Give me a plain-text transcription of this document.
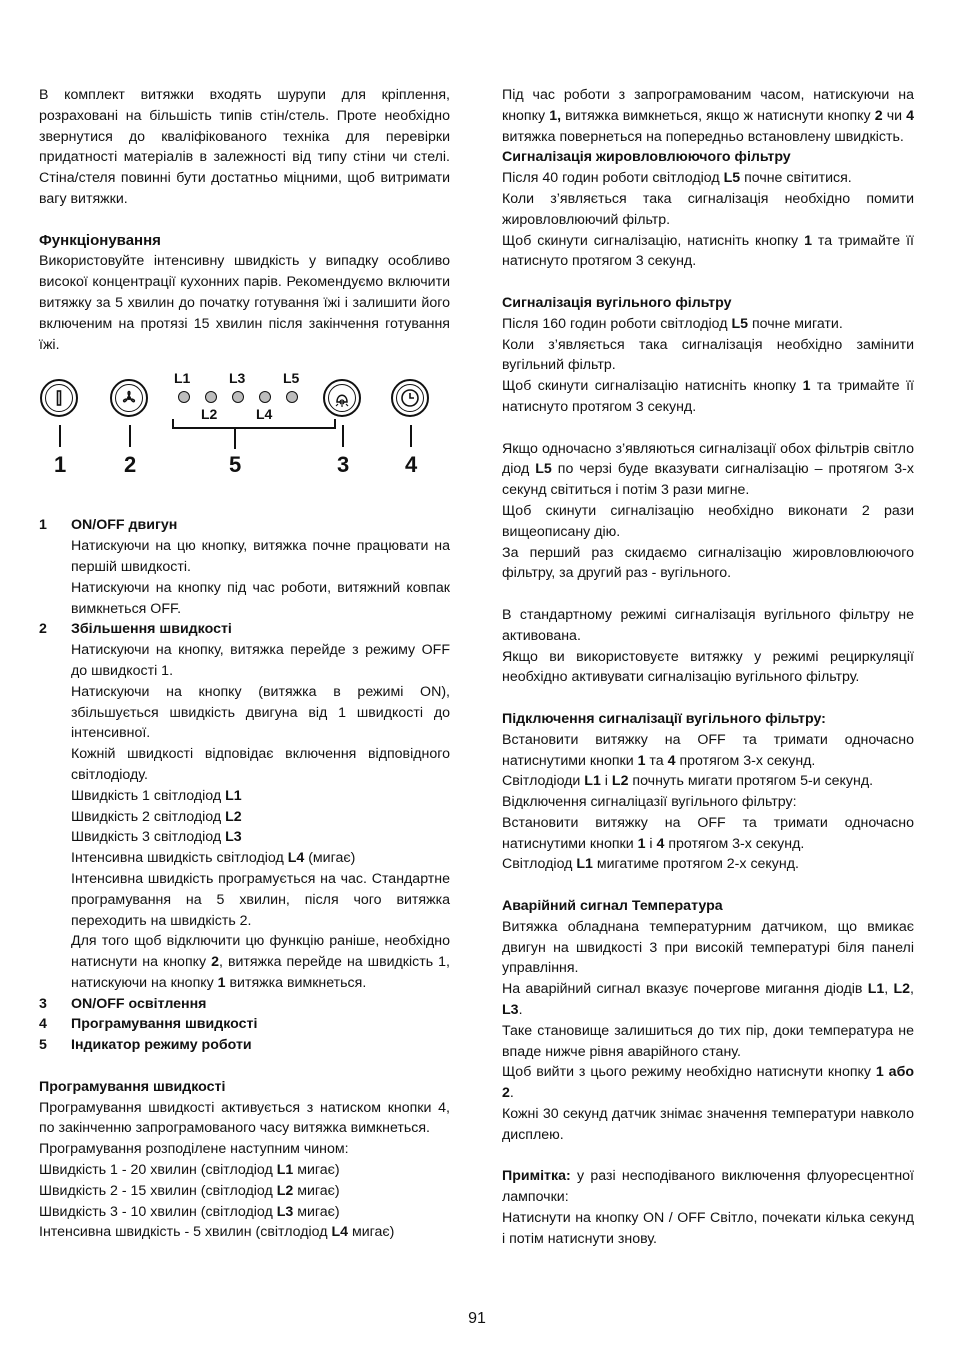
В комплект витяжки входять шурупи для кріплення, розраховані на більшість типів стін/стель. Проте необхідно звернутися до кваліфікованого техніка для перевірки придатності матеріалів в залежності від типу стіни чи стелі. Стіна/стеля повинні бути достатньо міцними, щоб витримати вагу витяжки.

Функціонування

Використовуйте інтенсивну швидкість у випадку особливо високої концентрації кухонних парів. Рекомендуємо включити витяжку за 5 хвилин до початку готування їжі і залишити його включеним на протязі 15 хвилин після закінчення готування їжі.

L1	L3	L5
L2	L4
1	2	5	3	4
1	ON/OFF двигун

Натискуючи на цю кнопку, витяжка почне працювати на першій швидкості.

Натискуючи на кнопку під час роботи, витяжний ковпак вимкнеться OFF.

2	Збільшення швидкості

Натискуючи на кнопку, витяжка перейде з режиму OFF до швидкості 1.

Натискуючи на кнопку (витяжка в режимі ON), збільшується швидкість двигуна від 1 швидкості до інтенсивної.

Кожній швидкості відповідає включення відповідного світлодіоду.

Швидкість 1 світлодіод L1

Швидкість 2 світлодіод L2

Швидкість 3 світлодіод L3

Інтенсивна швидкість світлодіод L4 (мигає)

Інтенсивна швидкість програмується на час. Стандартне програмування на 5 хвилин, після чого витяжка переходить на швидкість 2.

Для того щоб відключити цю функцію раніше, необхідно натиснути на кнопку 2, витяжка перейде на швидкість 1, натискуючи на кнопку 1 витяжка вимкнеться.

3	ON/OFF освітлення
4	Програмування швидкості
5	Індикатор режиму роботи

Програмування швидкості

Програмування швидкості активується з натиском кнопки 4, по закінченню запрограмованого часу витяжка вимкнеться.

Програмування розподілене наступним чином:

Швидкість 1 - 20 хвилин (світлодіод L1 мигає)

Швидкість 2 - 15 хвилин (світлодіод L2 мигає)

Швидкість 3 - 10 хвилин (світлодіод L3 мигає)

Інтенсивна швидкість - 5 хвилин (світлодіод L4 мигає)

Під час роботи з запрограмованим часом, натискуючи на кнопку 1, витяжка вимкнеться, якщо ж натиснути кнопку 2 чи 4 витяжка повернеться на попередньо встановлену швидкість.

Сигналізація жировловлюючого фільтру

Після 40 годин роботи світлодіод L5 почне світитися.

Коли з’являється така сигналізація необхідно помити жировловлюючий фільтр.

Щоб скинути сигналізацію, натисніть кнопку 1 та тримайте її натиснуто протягом 3 секунд.

Сигналізація вугільного фільтру

Після 160 годин роботи світлодіод L5 почне мигати.

Коли з’являється така сигналізація необхідно замінити вугільний фільтр.

Щоб скинути сигналізацію натисніть кнопку 1 та тримайте її натиснуто протягом 3 секунд.

Якщо одночасно з’являються сигналізації обох фільтрів світло діод L5 по черзі буде вказувати сигналізацію – протягом 3-х секунд світиться і потім 3 рази мигне.

Щоб скинути сигналізацію необхідно виконати 2 рази вищеописану дію.

За перший раз скидаємо сигналізацію жировловлюючого фільтру, за другий раз - вугільного.

В стандартному режимі сигналізація вугільного фільтру не активована.

Якщо ви використовуєте витяжку у режимі рециркуляції необхідно активувати сигналізацію вугільного фільтру.

Підключення сигналізації вугільного фільтру:

Встановити витяжку на OFF та тримати одночасно натиснутими кнопки 1 та 4 протягом 3-х секунд.

Світлодіоди L1 і L2 почнуть мигати протягом 5-и секунд.

Відключення сигналіцазії вугільного фільтру:

Встановити витяжку на OFF та тримати одночасно натиснутими кнопки 1 і 4 протягом 3-х секунд.

Світлодіод L1 мигатиме протягом 2-х секунд.

Аварійний сигнал Температура

Витяжка обладнана температурним датчиком, що вмикає двигун на швидкості 3 при високій температурі біля панелі управління.

На аварійний сигнал вказує почергове мигання діодів L1, L2, L3.

Таке становище залишиться до тих пір, доки температура не впаде нижче рівня аварійного стану.

Щоб вийти з цього режиму необхідно натиснути кнопку 1 або 2.

Кожні 30 секунд датчик знімає значення температури навколо дисплею.

Примітка: у разі несподіваного виключення флуоресцентної лампочки:

Натиснути на кнопку ON / OFF Світло, почекати кілька секунд і потім натиснути знову.

91
